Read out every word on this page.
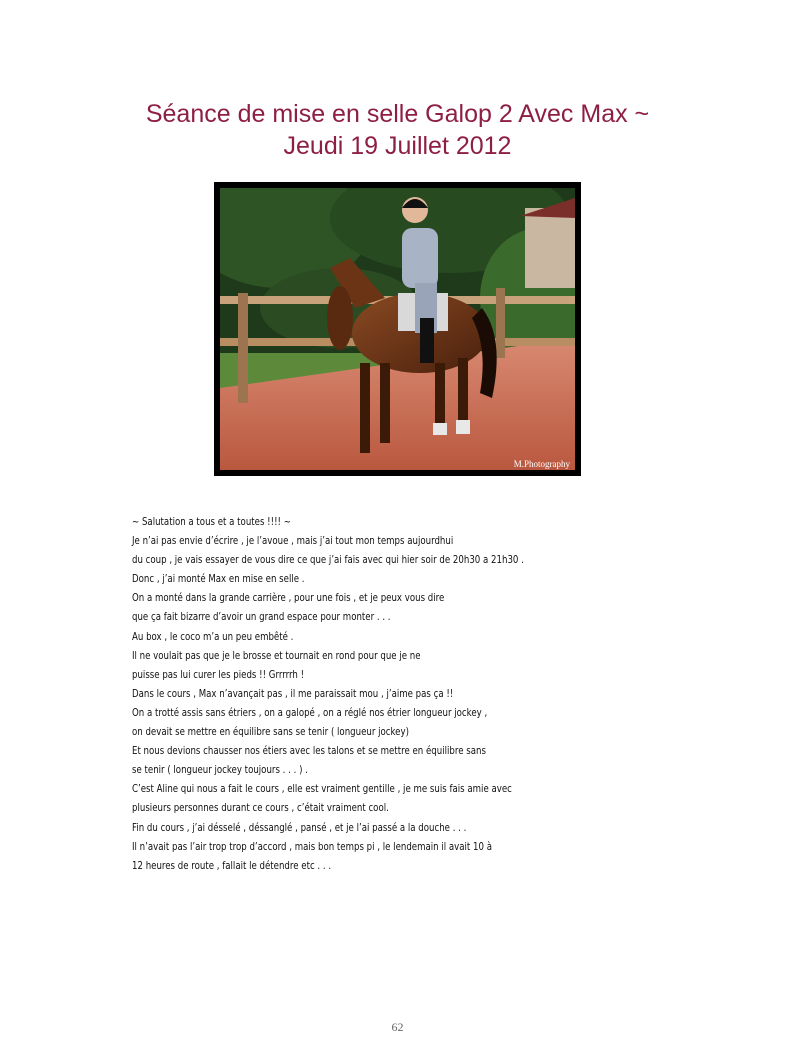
Séance de mise en selle Galop 2 Avec Max ~
Jeudi 19 Juillet 2012
M.Photography
~ Salutation a tous et a toutes !!!! ~
Je n’ai pas envie d’écrire , je l’avoue , mais j’ai tout mon temps aujourdhui
du coup , je vais essayer de vous dire ce que j’ai fais avec qui hier soir de 20h30 a 21h30 .
Donc , j’ai monté Max en mise en selle .
On a monté dans la grande carrière , pour une fois , et je peux vous dire
que ça fait bizarre d’avoir un grand espace pour monter . . .
Au box , le coco m’a un peu embêté .
Il ne voulait pas que je le brosse et tournait en rond pour que je ne
puisse pas lui curer les pieds !! Grrrrrh !
Dans le cours , Max n’avançait pas , il me paraissait mou , j’aime pas ça !!
On a trotté assis sans étriers , on a galopé , on a réglé nos étrier longueur jockey ,
on devait se mettre en équilibre sans se tenir ( longueur jockey)
Et nous devions chausser nos étiers avec les talons et se mettre en équilibre sans
se tenir ( longueur jockey toujours . . . ) .
C’est Aline qui nous a fait le cours , elle est vraiment gentille , je me suis fais amie avec
plusieurs personnes durant ce cours , c’était vraiment cool.
Fin du cours , j’ai désselé , déssanglé , pansé , et je l’ai passé a la douche . . .
Il n’avait pas l’air trop trop d’accord , mais bon temps pi , le lendemain il avait 10 à
12 heures de route , fallait le détendre etc . . .
62
